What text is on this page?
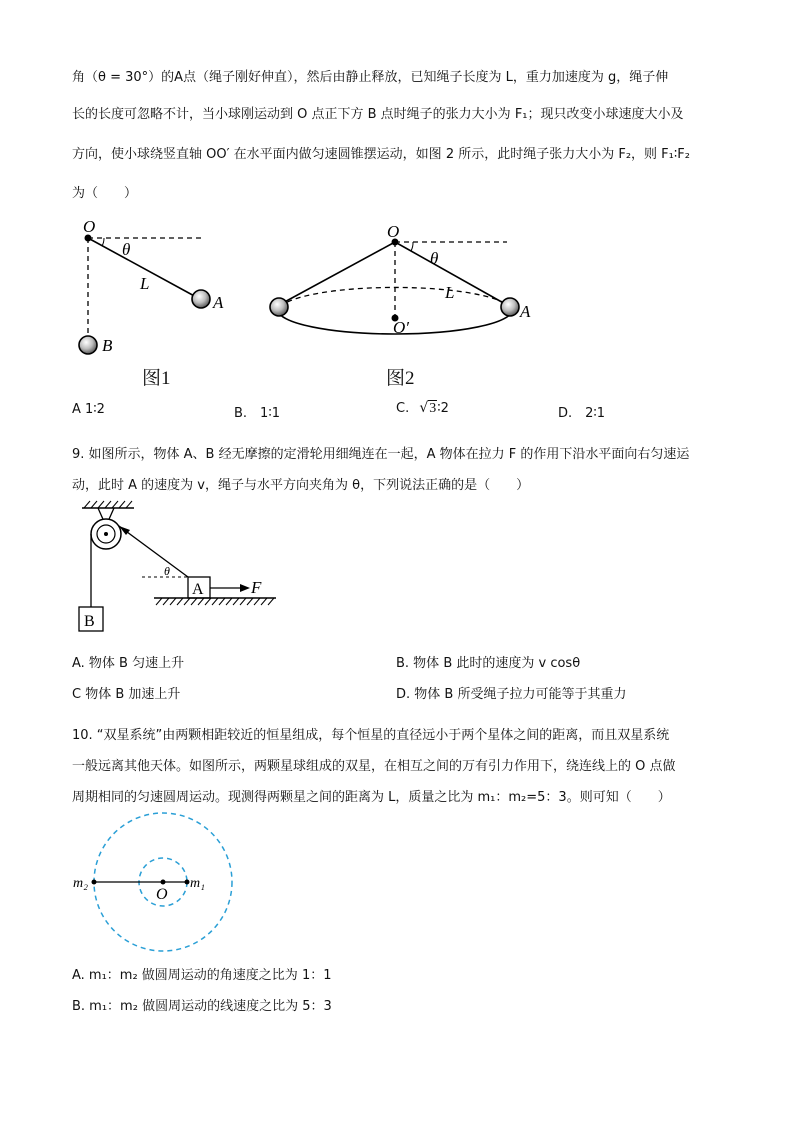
角（θ = 30°）的A点（绳子刚好伸直），然后由静止释放，已知绳子长度为 L，重力加速度为 g，绳子伸
长的长度可忽略不计，当小球刚运动到 O 点正下方 B 点时绳子的张力大小为 F₁；现只改变小球速度大小及
方向，使小球绕竖直轴 OO′ 在水平面内做匀速圆锥摆运动，如图 2 所示，此时绳子张力大小为 F₂，则 F₁∶F₂
为（　　）
O
θ
L
A
B
图1
O
θ
L
A
O′
图2
A 1∶2	B.　1∶1	C. √3∶2	D.　2∶1
9. 如图所示，物体 A、B 经无摩擦的定滑轮用细绳连在一起，A 物体在拉力 F 的作用下沿水平面向右匀速运
动，此时 A 的速度为 v，绳子与水平方向夹角为 θ，下列说法正确的是（　　）
B
θ
A	F
A. 物体 B 匀速上升	B. 物体 B 此时的速度为 v cosθ
C 物体 B 加速上升	D. 物体 B 所受绳子拉力可能等于其重力
10. “双星系统”由两颗相距较近的恒星组成，每个恒星的直径远小于两个星体之间的距离，而且双星系统
一般远离其他天体。如图所示，两颗星球组成的双星，在相互之间的万有引力作用下，绕连线上的 O 点做
周期相同的匀速圆周运动。现测得两颗星之间的距离为 L，质量之比为 m₁：m₂=5：3。则可知（　　）
m₂	m₁
O
A. m₁：m₂ 做圆周运动的角速度之比为 1：1
B. m₁：m₂ 做圆周运动的线速度之比为 5：3
